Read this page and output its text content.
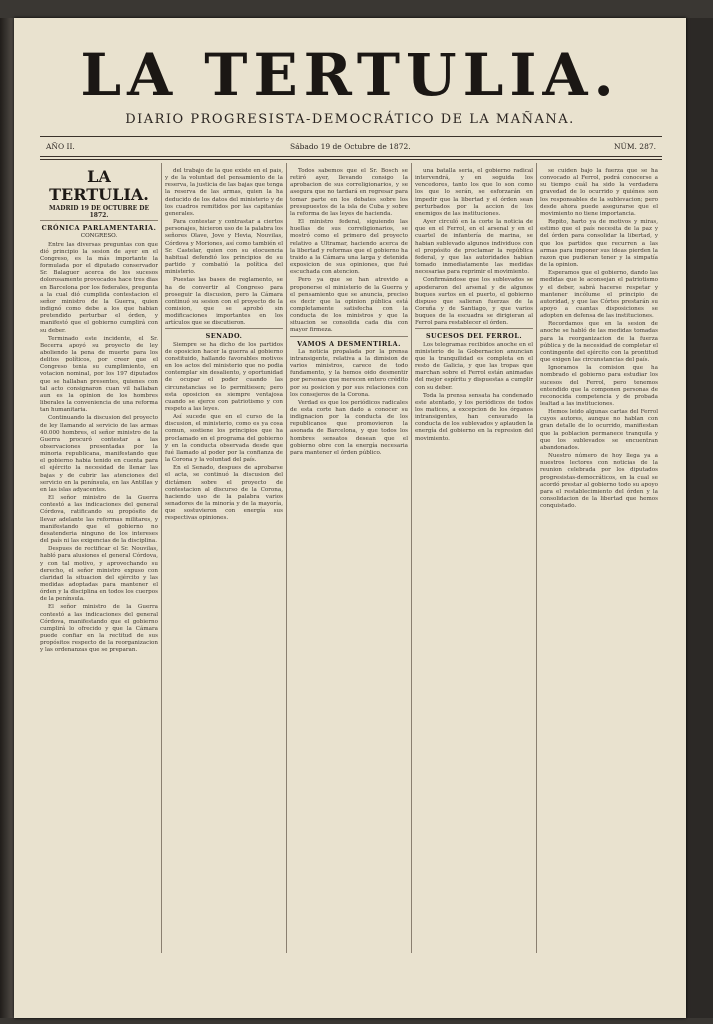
LA TERTULIA.
DIARIO PROGRESISTA-DEMOCRÁTICO DE LA MAÑANA.
AÑO II.	Sábado 19 de Octubre de 1872.	NÚM. 287.

LA TERTULIA.

MADRID 19 DE OCTUBRE DE 1872.

CRÓNICA PARLAMENTARIA.

CONGRESO.

Entre las diversas preguntas con que dió principio la sesion de ayer en el Congreso, es la más importante la formulada por el diputado conservador Sr. Balaguer acerca de los sucesos dolorosamente provocados hace tres dias en Barcelona por los federales, pregunta a la cual dió cumplida contestacion el señor ministro de la Guerra, quien indignó como debe a los que habian pretendido perturbar el órden, y manifestó que el gobierno cumplirá con su deber.

Terminado este incidente, el Sr. Becerra apoyó su proyecto de ley aboliendo la pena de muerte para los delitos políticos, por creer que el Congreso tenia su cumplimiento, en votacion nominal, por los 197 diputados que se hallaban presentes, quienes con tal acto consignaron cuan vil hallaban aun es la opinion de los hombres liberales la conveniencia de una reforma tan humanitaria.

Continuando la discusion del proyecto de ley llamando al servicio de las armas 40.000 hombres, el señor ministro de la Guerra procuró contestar a las observaciones presentadas por la minoria republicana, manifestando que el gobierno habia tenido en cuenta para el ejército la necesidad de llenar las bajas y de cubrir las atenciones del servicio en la península, en las Antillas y en las islas adyacentes.

El señor ministro de la Guerra contestó a las indicaciones del general Córdova, ratificando su propósito de llevar adelante las reformas militares, y manifestando que el gobierno no desatenderia ninguno de los intereses del país ni las exigencias de la disciplina.

Despues de rectificar el Sr. Nouvilas, habló para alusiones el general Córdova, y con tal motivo, y aprovechando su derecho, el señor ministro expuso con claridad la situacion del ejército y las medidas adoptadas para mantener el órden y la disciplina en todos los cuerpos de la península.

El señor ministro de la Guerra contestó a las indicaciones del general Córdova, manifestando que el gobierno cumplirá lo ofrecido y que la Cámara puede confiar en la rectitud de sus propósitos respecto de la reorganizacion y las ordenanzas que se preparan.

del trabajo de la que existe en el país, y de la voluntad del pensamiento de la reserva, la justicia de las bajas que tenga la reserva de las armas, quien la ha deducido de los datos del ministerio y de los cuadros remitidos por las capitanías generales.

Para contestar y contrastar a ciertos personajes, hicieron uso de la palabra los señores Olave, Jove y Hevia, Nouvilas, Córdova y Moriones, así como también el Sr. Castelar, quien con su elocuencia habitual defendió los principios de su partido y combatió la política del ministerio.

Puestas las bases de reglamento, se ha de convertir al Congreso para proseguir la discusion, pero la Cámara continuó su sesion con el proyecto de la comision, que se aprobó sin modificaciones importantes en los artículos que se discutieron.

SENADO.

Siempre se ha dicho de los partidos de oposicion hacer la guerra al gobierno constituido, hallando favorables motivos en los actos del ministerio que no podia contemplar sin desaliento, y oportunidad de ocupar el poder cuando las circunstancias se lo permitiesen; pero esta oposicion es siempre ventajosa cuando se ejerce con patriotismo y con respeto a las leyes.

Así sucede que en el curso de la discusion, el ministerio, como es ya cosa comun, sostiene los principios que ha proclamado en el programa del gobierno y en la conducta observada desde que fué llamado al poder por la confianza de la Corona y la voluntad del país.

En el Senado, despues de aprobarse el acta, se continuó la discusion del dictámen sobre el proyecto de contestacion al discurso de la Corona, haciendo uso de la palabra varios senadores de la minoría y de la mayoría, que sostuvieron con energía sus respectivas opiniones.

Todos sabemos que el Sr. Bosch se retiró ayer, llevando consigo la aprobacion de sus correligionarios, y se asegura que no tardará en regresar para tomar parte en los debates sobre los presupuestos de la isla de Cuba y sobre la reforma de las leyes de hacienda.

El ministro federal, siguiendo las huellas de sus correligionarios, se mostró como el primero del proyecto relativo a Ultramar, haciendo acerca de la libertad y reformas que el gobierno ha traido a la Cámara una larga y detenida exposicion de sus opiniones, que fué escuchada con atencion.

Pero ya que se han atrevido a proponerse el ministerio de la Guerra y el pensamiento que se anuncia, preciso es decir que la opinion pública está completamente satisfecha con la conducta de los ministros y que la situacion se consolida cada dia con mayor firmeza.

VAMOS A DESMENTIRLA.

La noticia propalada por la prensa intransigente, relativa a la dimision de varios ministros, carece de todo fundamento, y la hemos oido desmentir por personas que merecen entero crédito por su posicion y por sus relaciones con los consejeros de la Corona.

Verdad es que los periódicos radicales de esta corte han dado a conocer su indignacion por la conducta de los republicanos que promovieron la asonada de Barcelona, y que todos los hombres sensatos desean que el gobierno obre con la energía necesaria para mantener el órden público.

una batalla seria, el gobierno radical intervendrá, y en seguida los vencedores, tanto los que lo son como los que lo serán, se esforzarán en impedir que la libertad y el órden sean perturbados por la accion de los enemigos de las instituciones.

Ayer circuló en la corte la noticia de que en el Ferrol, en el arsenal y en el cuartel de infantería de marina, se habian sublevado algunos individuos con el propósito de proclamar la república federal, y que las autoridades habian tomado inmediatamente las medidas necesarias para reprimir el movimiento.

Confirmándose que los sublevados se apoderaron del arsenal y de algunos buques surtos en el puerto, el gobierno dispuso que salieran fuerzas de la Coruña y de Santiago, y que varios buques de la escuadra se dirigieran al Ferrol para restablecer el órden.

SUCESOS DEL FERROL.

Los telegramas recibidos anoche en el ministerio de la Gobernacion anuncian que la tranquilidad es completa en el resto de Galicia, y que las tropas que marchan sobre el Ferrol están animadas del mejor espíritu y dispuestas a cumplir con su deber.

Toda la prensa sensata ha condenado este atentado, y los periódicos de todos los matices, a excepcion de los órganos intransigentes, han censurado la conducta de los sublevados y aplauden la energía del gobierno en la represion del movimiento.

se cuiden bajo la fuerza que se ha convocado al Ferrol, podrá conocerse a su tiempo cuál ha sido la verdadera gravedad de lo ocurrido y quiénes son los responsables de la sublevacion; pero desde ahora puede asegurarse que el movimiento no tiene importancia.

Repito, harto ya de motivos y miras, estimo que el país necesita de la paz y del órden para consolidar la libertad, y que los partidos que recurren a las armas para imponer sus ideas pierden la razon que pudieran tener y la simpatía de la opinion.

Esperamos que el gobierno, dando las medidas que le aconsejan el patriotismo y el deber, sabrá hacerse respetar y mantener incólume el principio de autoridad, y que las Córtes prestarán su apoyo a cuantas disposiciones se adopten en defensa de las instituciones.

Recordamos que en la sesion de anoche se habló de las medidas tomadas para la reorganizacion de la fuerza pública y de la necesidad de completar el contingente del ejército con la prontitud que exigen las circunstancias del país.

Ignoramos la comision que ha nombrado el gobierno para estudiar los sucesos del Ferrol, pero tenemos entendido que la componen personas de reconocida competencia y de probada lealtad a las instituciones.

Hemos leido algunas cartas del Ferrol cuyos autores, aunque no hablan con gran detalle de lo ocurrido, manifiestan que la poblacion permanece tranquila y que los sublevados se encuentran abandonados.

Nuestro número de hoy llega ya a nuestros lectores con noticias de la reunion celebrada por los diputados progresistas-democráticos, en la cual se acordó prestar al gobierno todo su apoyo para el restablecimiento del órden y la consolidacion de la libertad que hemos conquistado.
